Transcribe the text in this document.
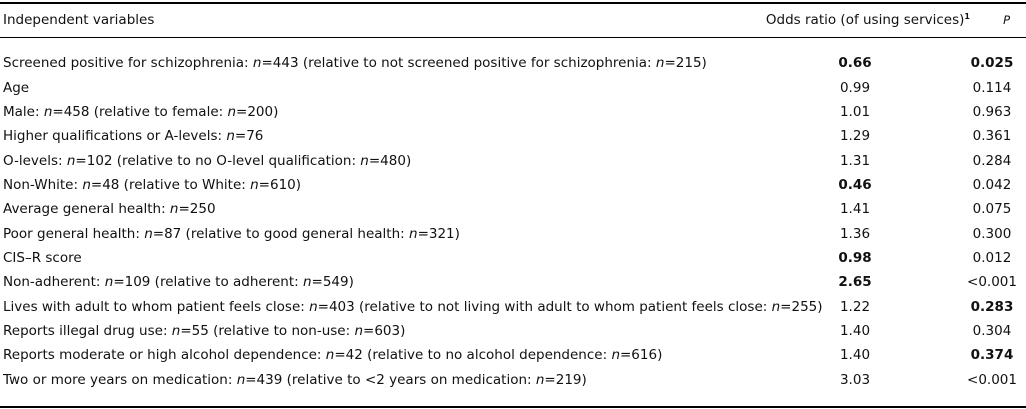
Independent variables	Odds ratio (of using services)$^1$	P
Screened positive for schizophrenia: n=443 (relative to not screened positive for schizophrenia: n=215)	0.66	0.025
Age	0.99	0.114
Male: n=458 (relative to female: n=200)	1.01	0.963
Higher qualifications or A-levels: n=76	1.29	0.361
O-levels: n=102 (relative to no O-level qualification: n=480)	1.31	0.284
Non-White: n=48 (relative to White: n=610)	0.46	0.042
Average general health: n=250	1.41	0.075
Poor general health: n=87 (relative to good general health: n=321)	1.36	0.300
CIS–R score	0.98	0.012
Non-adherent: n=109 (relative to adherent: n=549)	2.65	<0.001
Lives with adult to whom patient feels close: n=403 (relative to not living with adult to whom patient feels close: n=255)	1.22	0.283
Reports illegal drug use: n=55 (relative to non-use: n=603)	1.40	0.304
Reports moderate or high alcohol dependence: n=42 (relative to no alcohol dependence: n=616)	1.40	0.374
Two or more years on medication: n=439 (relative to <2 years on medication: n=219)	3.03	<0.001
